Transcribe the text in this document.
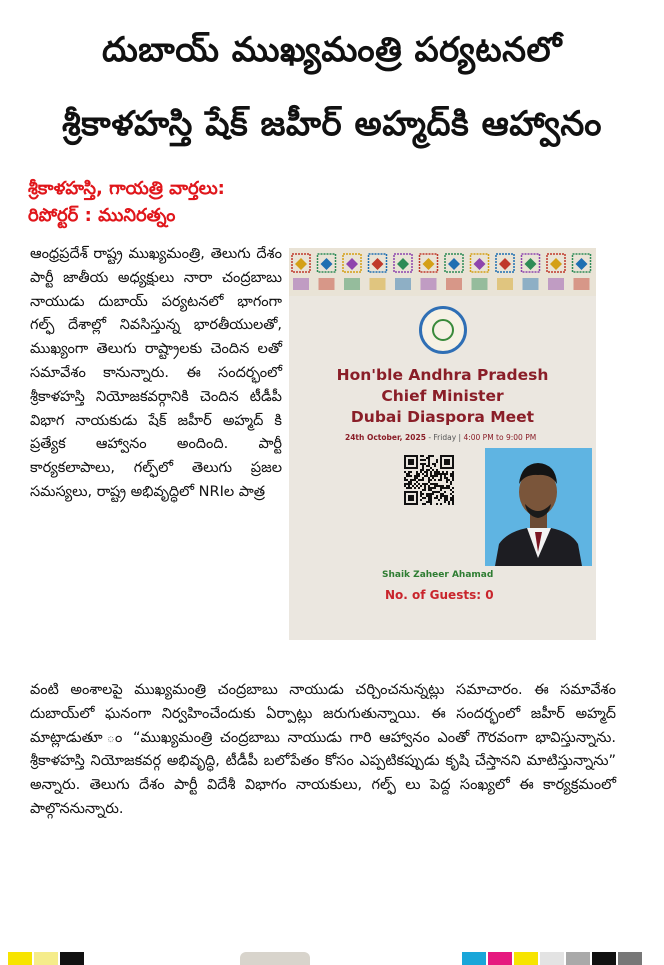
దుబాయ్ ముఖ్యమంత్రి పర్యటనలో
శ్రీకాళహస్తి షేక్ జహీర్ అహ్మద్‌కి ఆహ్వానం
శ్రీకాళహస్తి, గాయత్రి వార్తలు:
రిపోర్టర్ : మునిరత్నం

ఆంధ్రప్రదేశ్ రాష్ట్ర ముఖ్యమంత్రి, తెలుగు దేశం పార్టీ జాతీయ అధ్యక్షులు నారా చంద్రబాబు నాయుడు దుబాయ్ పర్యటనలో భాగంగా గల్ఫ్ దేశాల్లో నివసిస్తున్న భారతీయులతో, ముఖ్యంగా తెలుగు రాష్ట్రాలకు చెందిన లతో సమావేశం కానున్నారు. ఈ సందర్భంలో శ్రీకాళహస్తి నియోజకవర్గానికి చెందిన టీడీపీ విభాగ నాయకుడు షేక్ జహీర్ అహ్మద్ కి ప్రత్యేక ఆహ్వానం అందింది. పార్టీ కార్యకలాపాలు, గల్ఫ్‌లో తెలుగు ప్రజల సమస్యలు, రాష్ట్ర అభివృద్ధిలో NRIల పాత్ర

వంటి అంశాలపై ముఖ్యమంత్రి చంద్రబాబు నాయుడు చర్చించనున్నట్లు సమాచారం. ఈ సమావేశం దుబాయ్‌లో ఘనంగా నిర్వహించేందుకు ఏర్పాట్లు జరుగుతున్నాయి. ఈ సందర్భంలో జహీర్ అహ్మద్ మాట్లాడుతూ ం “ముఖ్యమంత్రి చంద్రబాబు నాయుడు గారి ఆహ్వానం ఎంతో గౌరవంగా భావిస్తున్నాను. శ్రీకాళహస్తి నియోజకవర్గ అభివృద్ధి, టీడీపీ బలోపేతం కోసం ఎప్పటికప్పుడు కృషి చేస్తానని మాటిస్తున్నాను” అన్నారు. తెలుగు దేశం పార్టీ విదేశీ విభాగం నాయకులు, గల్ఫ్ లు పెద్ద సంఖ్యలో ఈ కార్యక్రమంలో పాల్గొననున్నారు.

Hon'ble Andhra Pradesh
Chief Minister
Dubai Diaspora Meet
24th October, 2025 - Friday | 4:00 PM to 9:00 PM
Shaik Zaheer Ahamad
No. of Guests: 0
